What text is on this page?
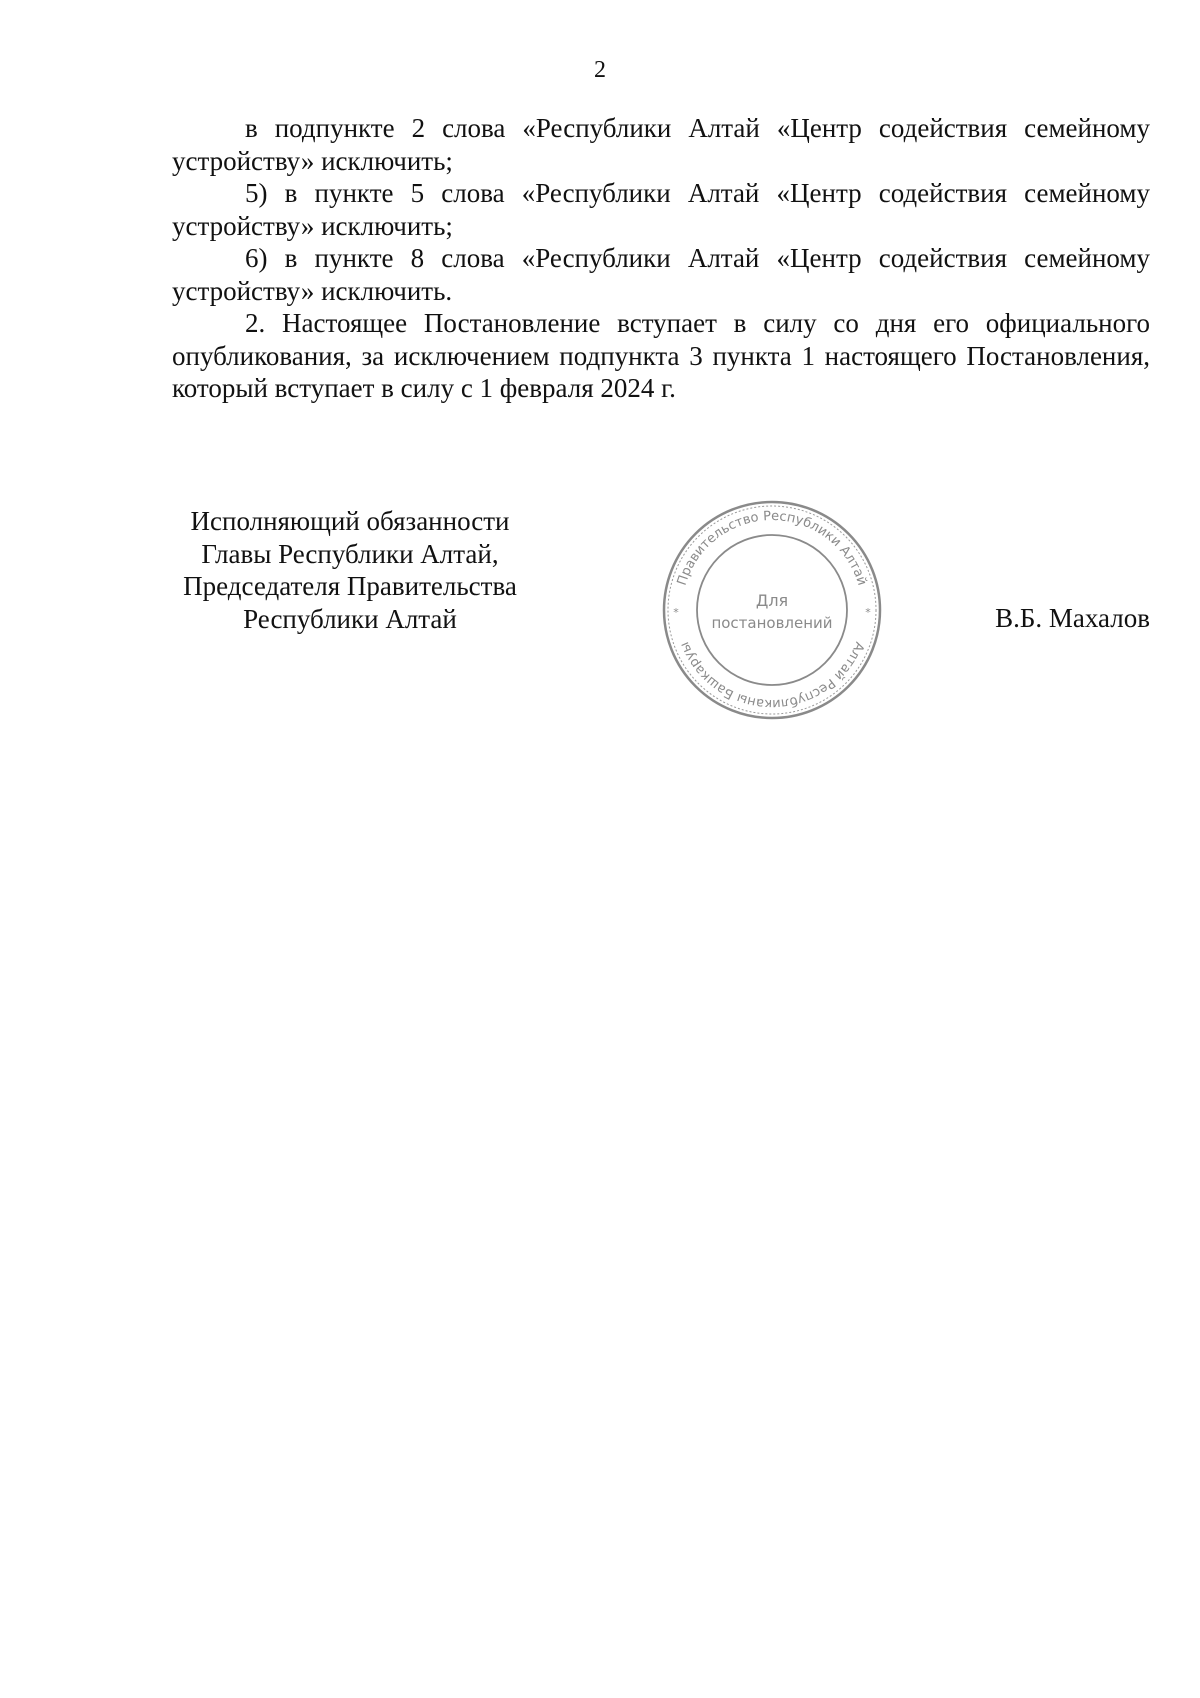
2

в подпункте 2 слова «Республики Алтай «Центр содействия семейному устройству» исключить;

5) в пункте 5 слова «Республики Алтай «Центр содействия семейному устройству» исключить;

6) в пункте 8 слова «Республики Алтай «Центр содействия семейному устройству» исключить.

2. Настоящее Постановление вступает в силу со дня его официального опубликования, за исключением подпункта 3 пункта 1 настоящего Постановления, который вступает в силу с 1 февраля 2024 г.

Исполняющий обязанности
Главы Республики Алтай,
Председателя Правительства
Республики Алтай
Правительство Республики Алтай
Алтай Республиканы Башкаруы
*	*
Для
постановлений	В.Б. Махалов
